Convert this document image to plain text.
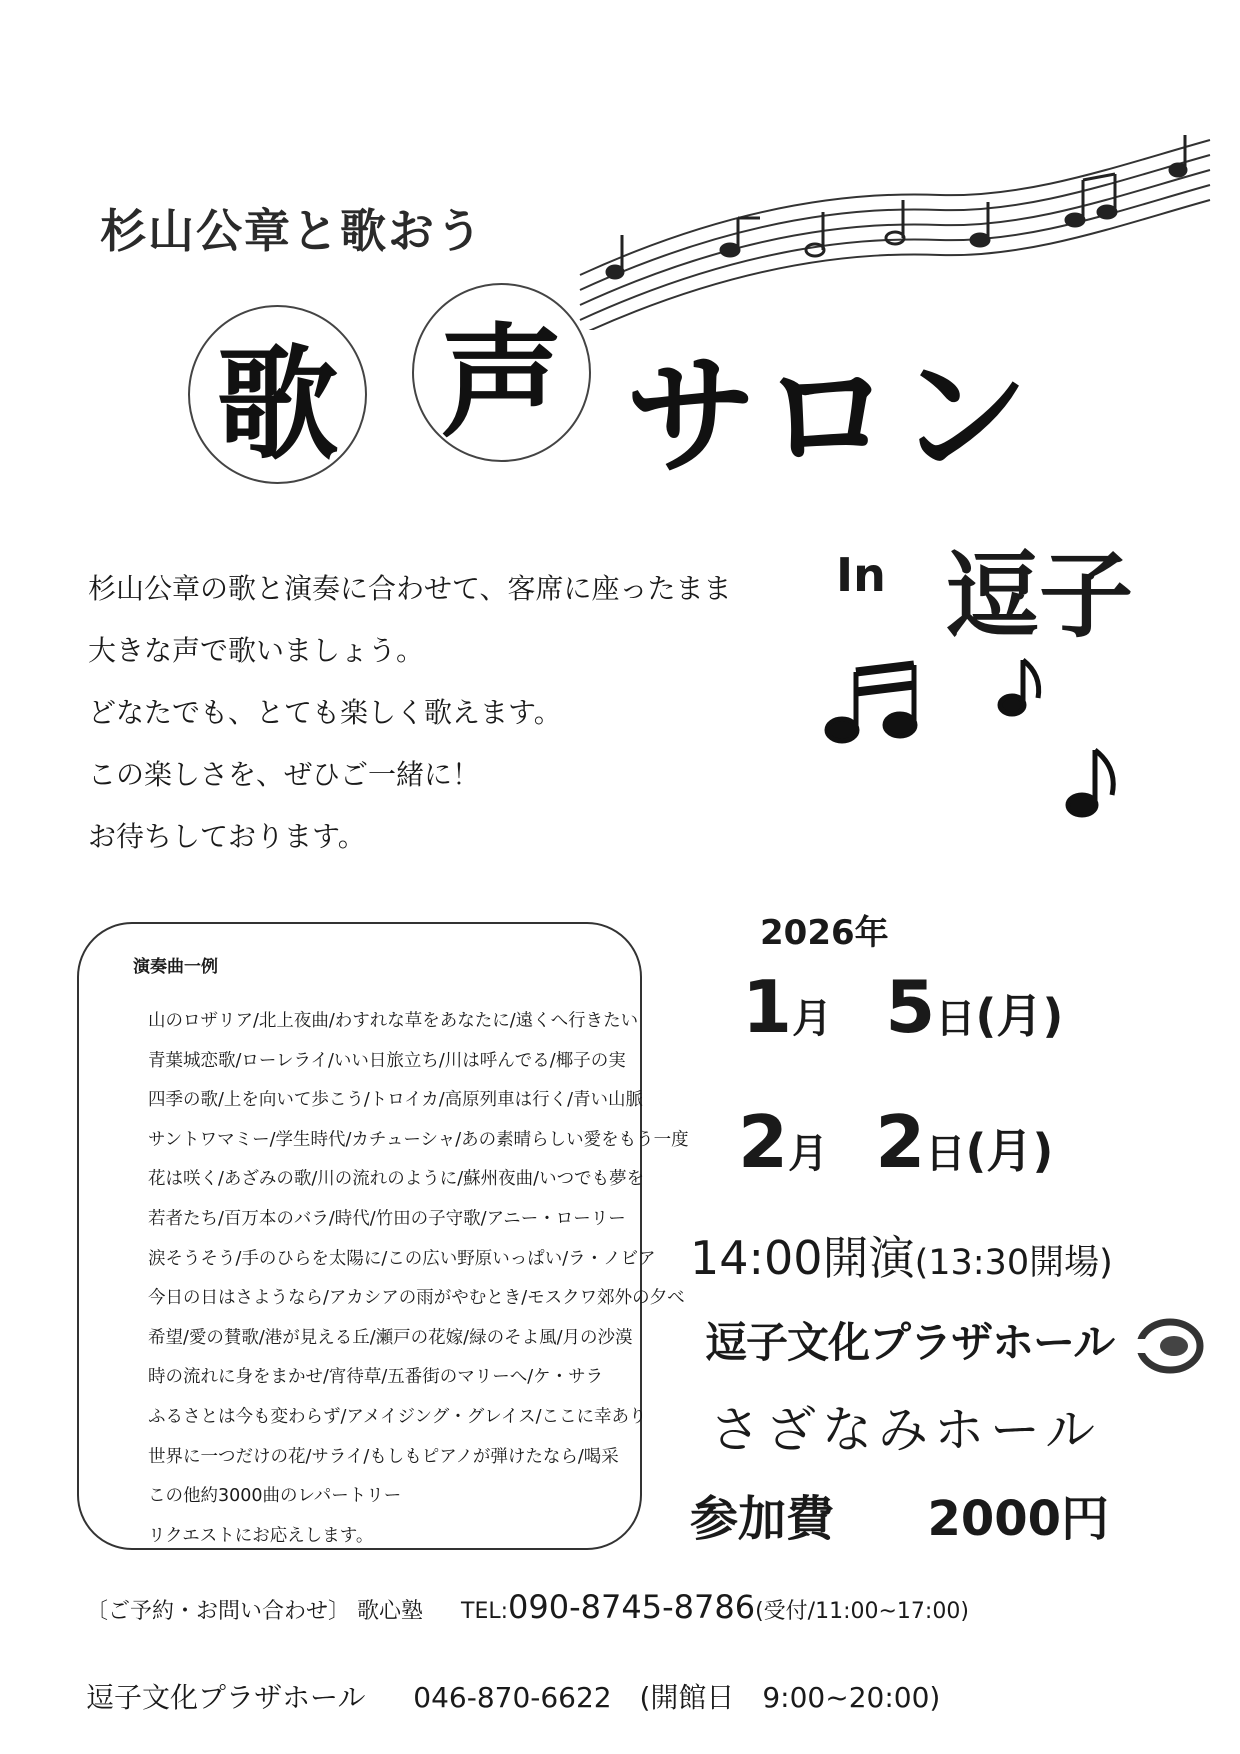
杉山公章と歌おう
歌 声 サロン
In 逗子
杉山公章の歌と演奏に合わせて、客席に座ったまま
大きな声で歌いましょう。
どなたでも、とても楽しく歌えます。
この楽しさを、ぜひご一緒に！
お待ちしております。
演奏曲一例
山のロザリア/北上夜曲/わすれな草をあなたに/遠くへ行きたい
青葉城恋歌/ローレライ/いい日旅立ち/川は呼んでる/椰子の実
四季の歌/上を向いて歩こう/トロイカ/高原列車は行く/青い山脈
サントワマミー/学生時代/カチューシャ/あの素晴らしい愛をもう一度
花は咲く/あざみの歌/川の流れのように/蘇州夜曲/いつでも夢を
若者たち/百万本のバラ/時代/竹田の子守歌/アニー・ローリー
涙そうそう/手のひらを太陽に/この広い野原いっぱい/ラ・ノビア
今日の日はさようなら/アカシアの雨がやむとき/モスクワ郊外の夕べ
希望/愛の賛歌/港が見える丘/瀬戸の花嫁/緑のそよ風/月の沙漠
時の流れに身をまかせ/宵待草/五番街のマリーへ/ケ・サラ
ふるさとは今も変わらず/アメイジング・グレイス/ここに幸あり
世界に一つだけの花/サライ/もしもピアノが弾けたなら/喝采
この他約3000曲のレパートリー
リクエストにお応えします。
2026年
1月 5日(月)
2月 2日(月)
14:00開演(13:30開場)
逗子文化プラザホール
さざなみホール
参加費 2000円
〔ご予約・お問い合わせ〕 歌心塾 TEL:090-8745-8786(受付/11:00~17:00)
逗子文化プラザホール 046-870-6622 (開館日　9:00~20:00)
